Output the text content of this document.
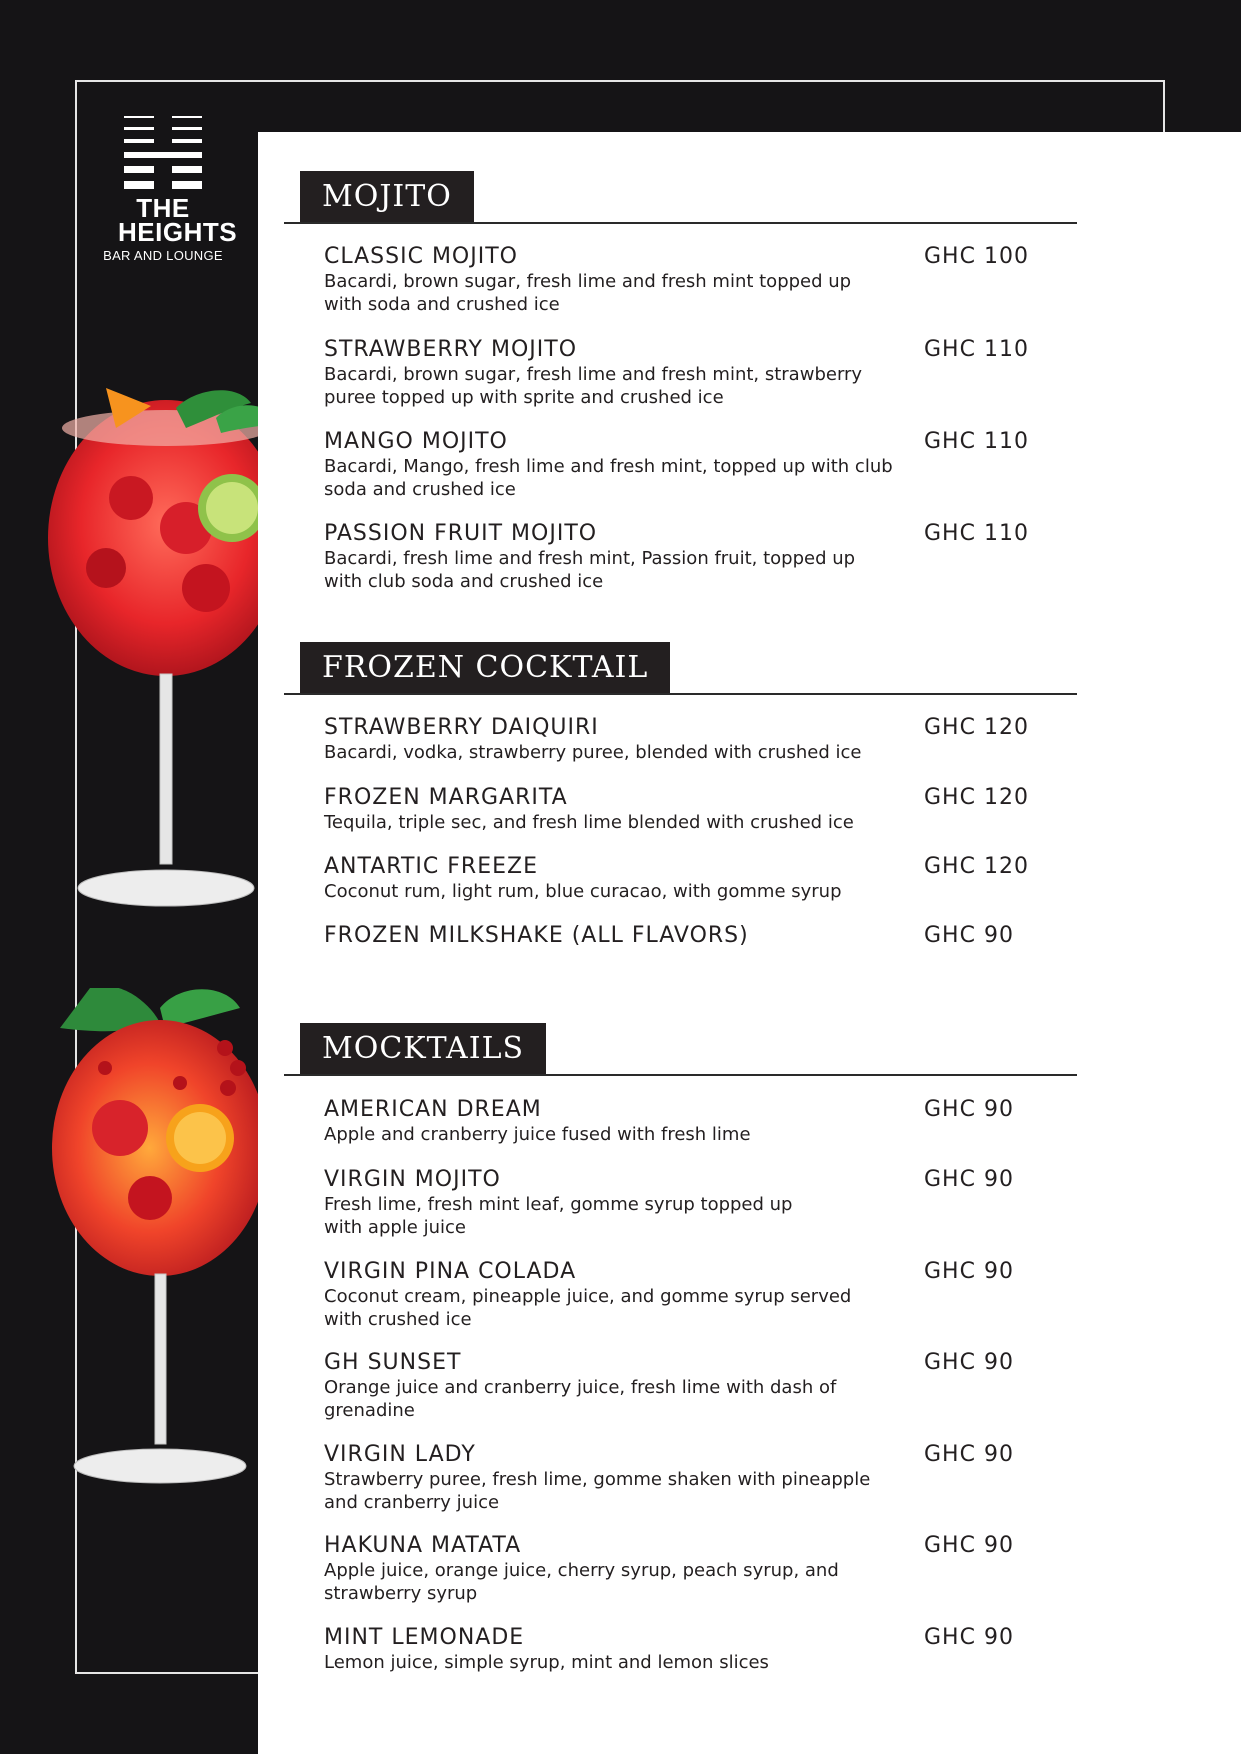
THE HEIGHTS
BAR AND LOUNGE
MOJITO
CLASSIC MOJITO
Bacardi, brown sugar, fresh lime and fresh mint topped up with soda and crushed ice
GHC 100
STRAWBERRY MOJITO
Bacardi, brown sugar, fresh lime and fresh mint, strawberry puree topped up with sprite and crushed ice
GHC 110
MANGO MOJITO
Bacardi, Mango, fresh lime and fresh mint, topped up with club soda and crushed ice
GHC 110
PASSION FRUIT MOJITO
Bacardi, fresh lime and fresh mint, Passion fruit, topped up with club soda and crushed ice
GHC 110
FROZEN COCKTAIL
STRAWBERRY DAIQUIRI
Bacardi, vodka, strawberry puree, blended with crushed ice
GHC 120
FROZEN MARGARITA
Tequila, triple sec, and fresh lime blended with crushed ice
GHC 120
ANTARTIC FREEZE
Coconut rum, light rum, blue curacao, with gomme syrup
GHC 120
FROZEN MILKSHAKE (ALL FLAVORS)	GHC 90
MOCKTAILS
AMERICAN DREAM
Apple and cranberry juice fused with fresh lime
GHC 90
VIRGIN MOJITO
Fresh lime, fresh mint leaf, gomme syrup topped up with apple juice
GHC 90
VIRGIN PINA COLADA
Coconut cream, pineapple juice, and gomme syrup served with crushed ice
GHC 90
GH SUNSET
Orange juice and cranberry juice, fresh lime with dash of grenadine
GHC 90
VIRGIN LADY
Strawberry puree, fresh lime, gomme shaken with pineapple and cranberry juice
GHC 90
HAKUNA MATATA
Apple juice, orange juice, cherry syrup, peach syrup, and strawberry syrup
GHC 90
MINT LEMONADE
Lemon juice, simple syrup, mint and lemon slices
GHC 90
